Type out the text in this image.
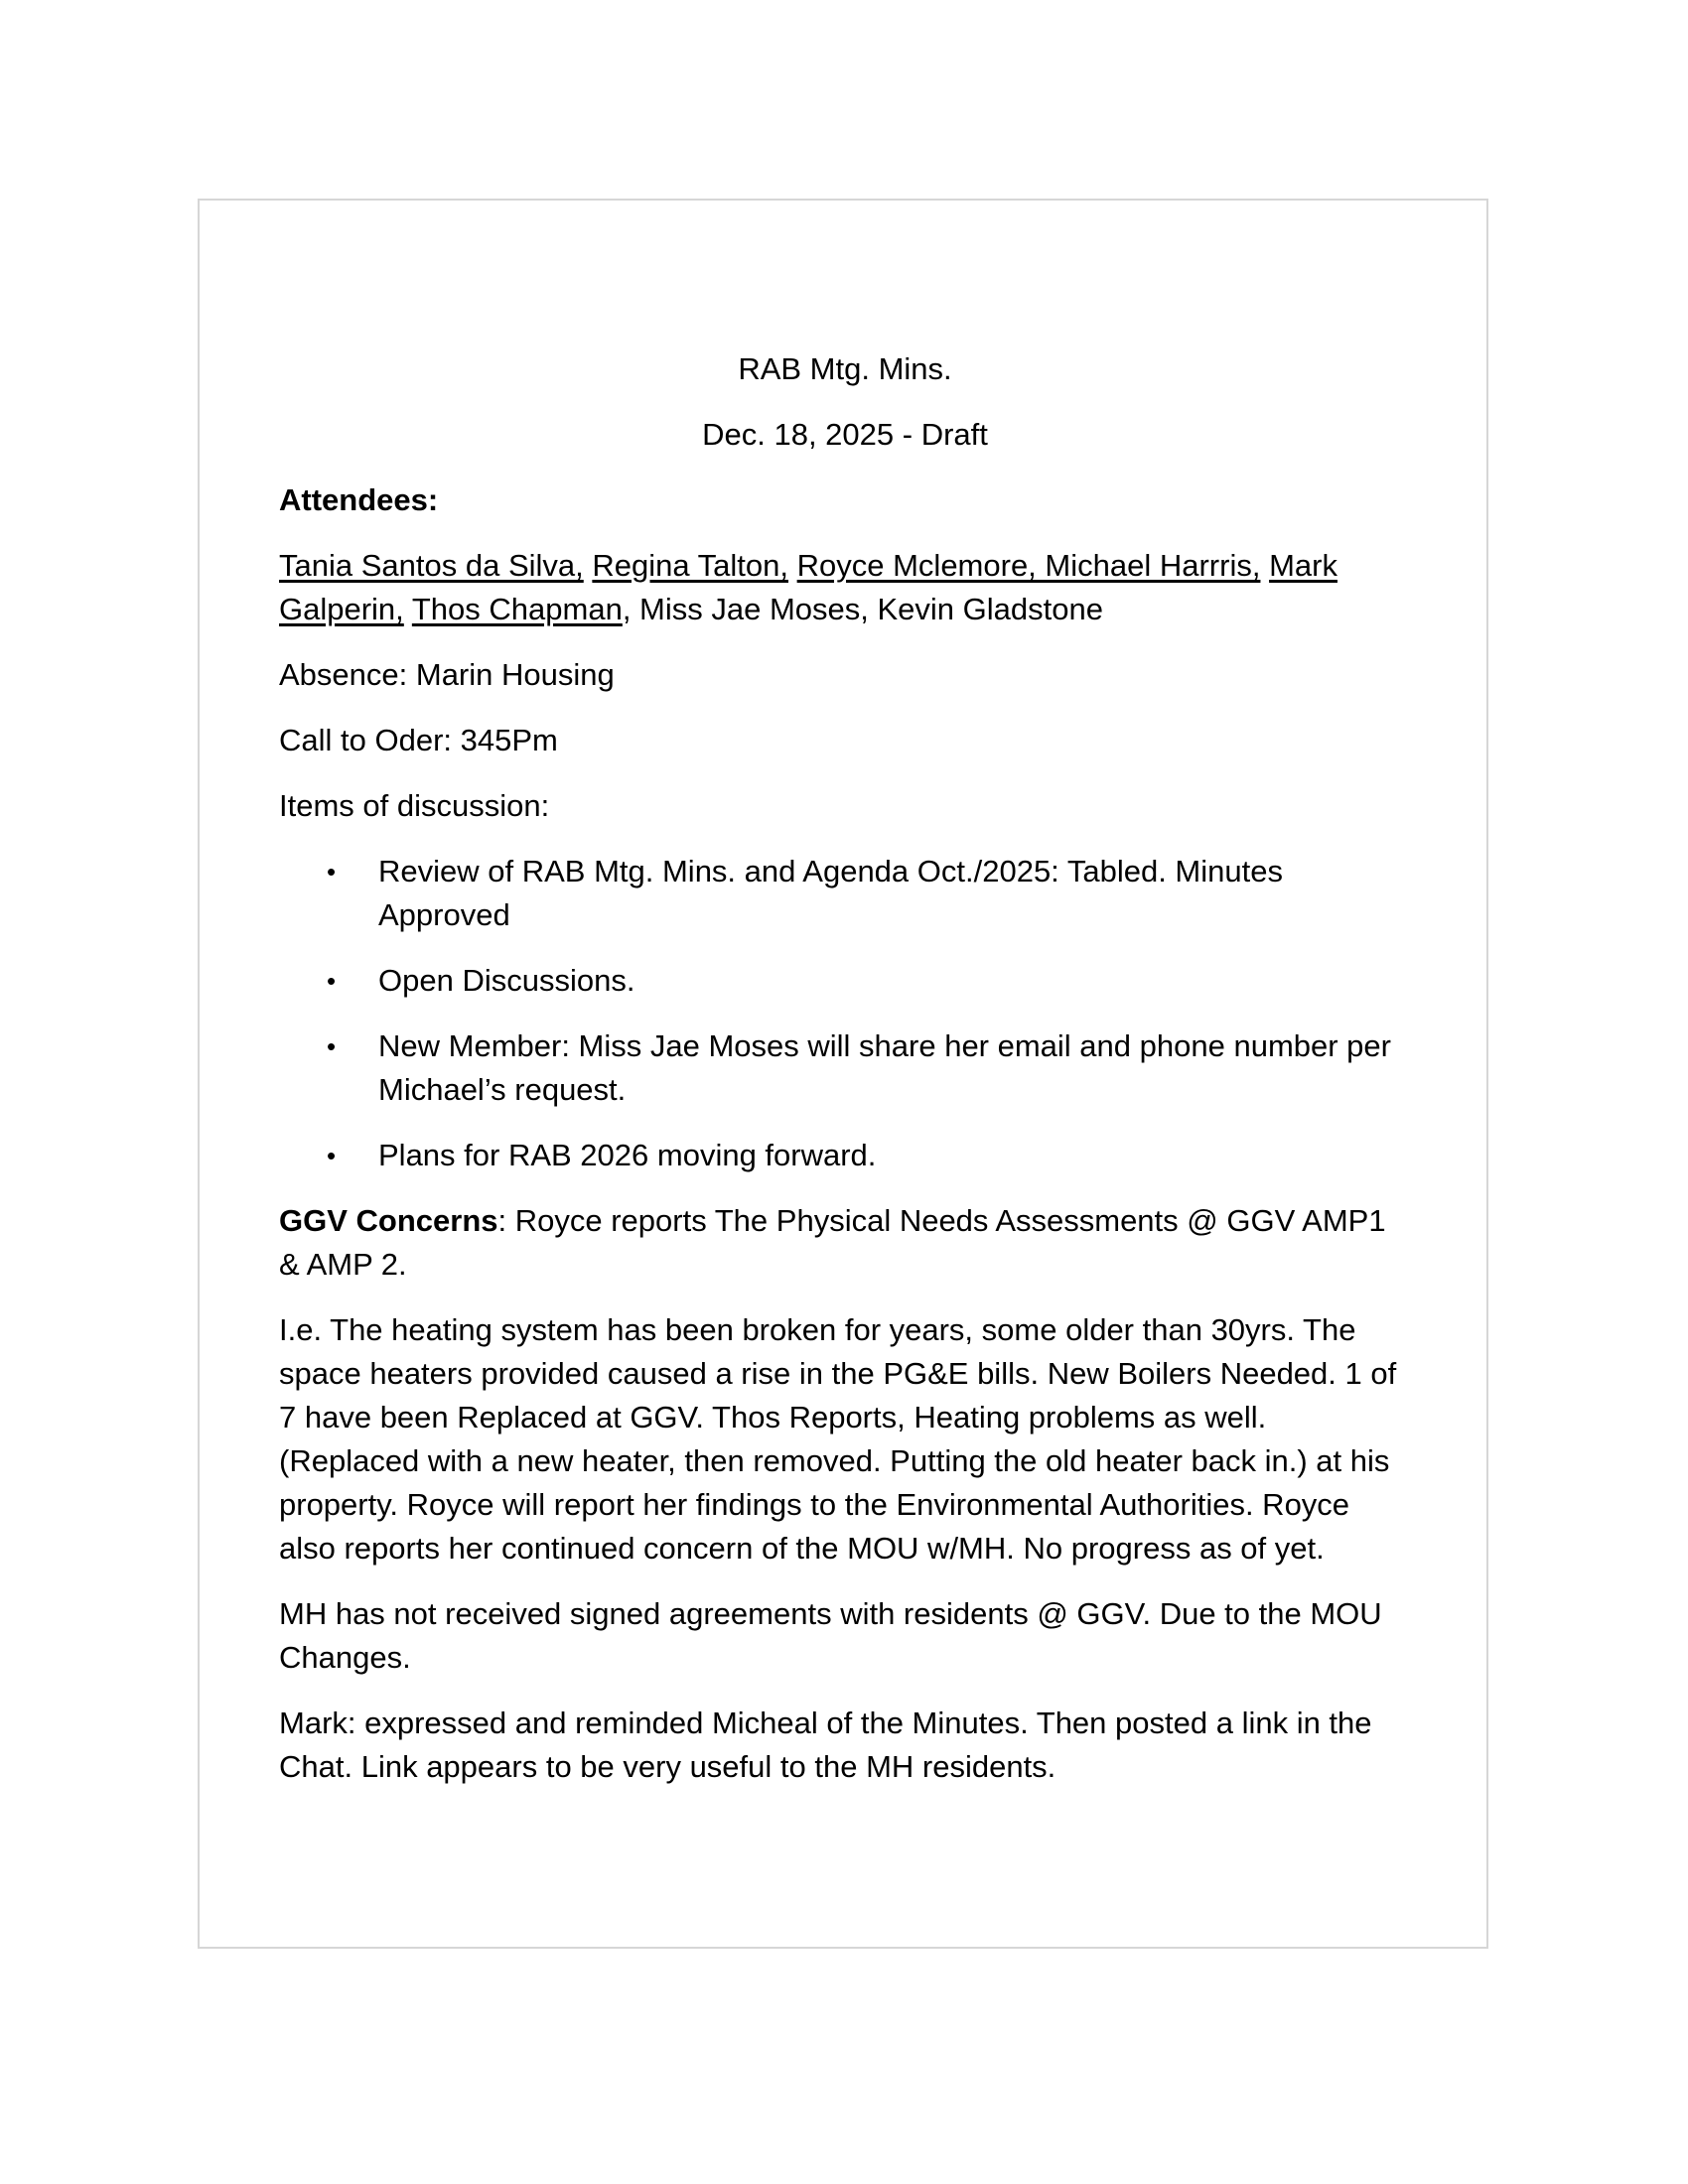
RAB Mtg. Mins.

Dec. 18, 2025 - Draft

Attendees:

Tania Santos da Silva, Regina Talton, Royce Mclemore, Michael Harrris, Mark Galperin, Thos Chapman, Miss Jae Moses, Kevin Gladstone

Absence: Marin Housing

Call to Oder: 345Pm

Items of discussion:

• Review of RAB Mtg. Mins. and Agenda Oct./2025: Tabled. Minutes Approved
• Open Discussions.
• New Member: Miss Jae Moses will share her email and phone number per Michael’s request.
• Plans for RAB 2026 moving forward.

GGV Concerns: Royce reports The Physical Needs Assessments @ GGV AMP1 & AMP 2.

I.e. The heating system has been broken for years, some older than 30yrs. The space heaters provided caused a rise in the PG&E bills. New Boilers Needed. 1 of 7 have been Replaced at GGV. Thos Reports, Heating problems as well. (Replaced with a new heater, then removed. Putting the old heater back in.) at his property. Royce will report her findings to the Environmental Authorities. Royce also reports her continued concern of the MOU w/MH. No progress as of yet.

MH has not received signed agreements with residents @ GGV. Due to the MOU Changes.

Mark: expressed and reminded Micheal of the Minutes. Then posted a link in the Chat. Link appears to be very useful to the MH residents.
